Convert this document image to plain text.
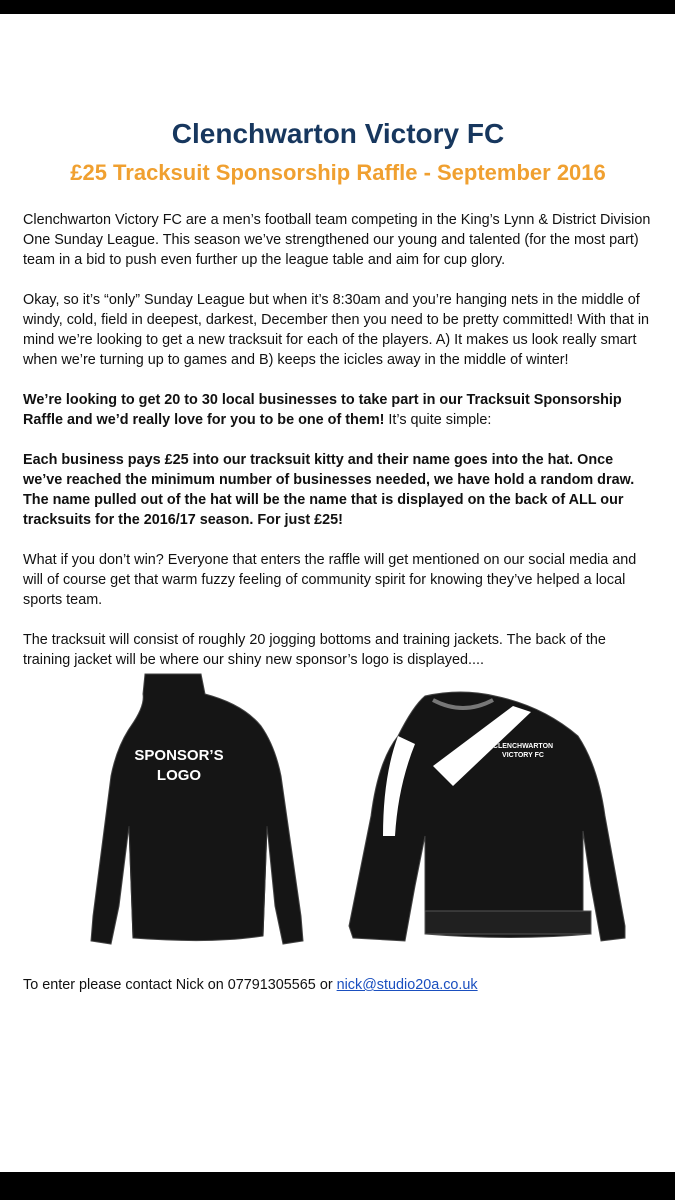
Clenchwarton Victory FC
£25 Tracksuit Sponsorship Raffle - September 2016

Clenchwarton Victory FC are a men’s football team competing in the King’s Lynn & District Division One Sunday League. This season we’ve strengthened our young and talented (for the most part) team in a bid to push even further up the league table and aim for cup glory.

Okay, so it’s “only” Sunday League but when it’s 8:30am and you’re hanging nets in the middle of windy, cold, field in deepest, darkest, December then you need to be pretty committed! With that in mind we’re looking to get a new tracksuit for each of the players. A) It makes us look really smart when we’re turning up to games and B) keeps the icicles away in the middle of winter!

We’re looking to get 20 to 30 local businesses to take part in our Tracksuit Sponsorship Raffle and we’d really love for you to be one of them! It’s quite simple:

Each business pays £25 into our tracksuit kitty and their name goes into the hat. Once we’ve reached the minimum number of businesses needed, we have hold a random draw. The name pulled out of the hat will be the name that is displayed on the back of ALL our tracksuits for the 2016/17 season. For just £25!

What if you don’t win? Everyone that enters the raffle will get mentioned on our social media and will of course get that warm fuzzy feeling of community spirit for knowing they’ve helped a local sports team.

The tracksuit will consist of roughly 20 jogging bottoms and training jackets. The back of the training jacket will be where our shiny new sponsor’s logo is displayed....

SPONSOR’S
LOGO
CLENCHWARTON
VICTORY FC
To enter please contact Nick on 07791305565 or nick@studio20a.co.uk
